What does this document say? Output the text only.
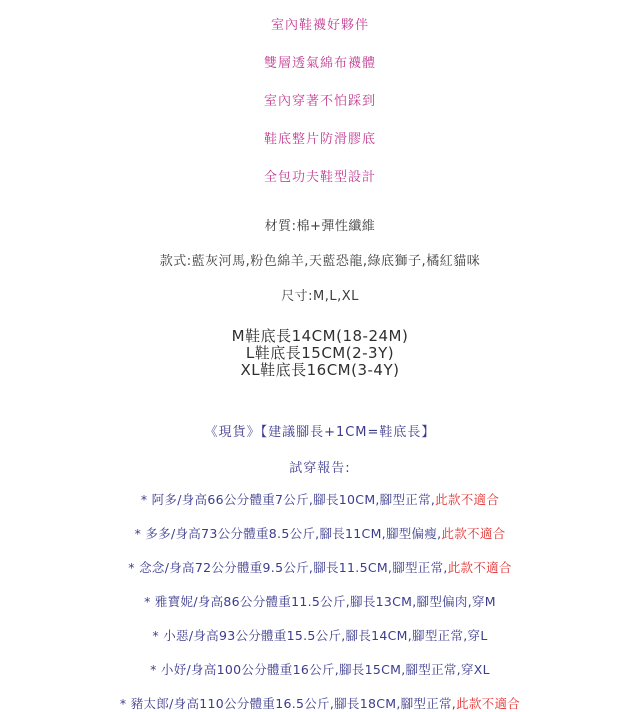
室內鞋襪好夥伴

雙層透氣綿布襪體

室內穿著不怕踩到

鞋底整片防滑膠底

全包功夫鞋型設計

材質:棉+彈性纖維

款式:藍灰河馬,粉色綿羊,天藍恐龍,綠底獅子,橘紅貓咪

尺寸:M,L,XL

M鞋底長14CM(18-24M)

L鞋底長15CM(2-3Y)

XL鞋底長16CM(3-4Y)

《現貨》【建議腳長+1CM=鞋底長】

試穿報告:

* 阿多/身高66公分體重7公斤,腳長10CM,腳型正常,此款不適合

* 多多/身高73公分體重8.5公斤,腳長11CM,腳型偏瘦,此款不適合

* 念念/身高72公分體重9.5公斤,腳長11.5CM,腳型正常,此款不適合

* 雅寶妮/身高86公分體重11.5公斤,腳長13CM,腳型偏肉,穿M

* 小惡/身高93公分體重15.5公斤,腳長14CM,腳型正常,穿L

* 小妤/身高100公分體重16公斤,腳長15CM,腳型正常,穿XL

* 豬太郎/身高110公分體重16.5公斤,腳長18CM,腳型正常,此款不適合
